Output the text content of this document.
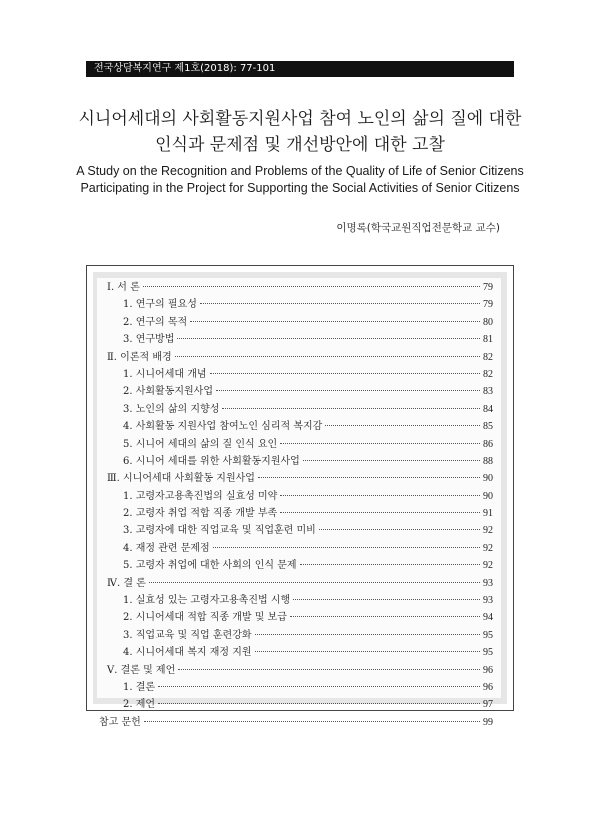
전국상담복지연구 제1호(2018): 77-101
시니어세대의 사회활동지원사업 참여 노인의 삶의 질에 대한
인식과 문제점 및 개선방안에 대한 고찰
A Study on the Recognition and Problems of the Quality of Life of Senior Citizens
Participating in the Project for Supporting the Social Activities of Senior Citizens
이명록(학국교원직업전문학교 교수)
Ⅰ. 서 론	79
1. 연구의 필요성	79
2. 연구의 목적	80
3. 연구방법	81
Ⅱ. 이론적 배경	82
1. 시니어세대 개념	82
2. 사회활동지원사업	83
3. 노인의 삶의 지향성	84
4. 사회활동 지원사업 참여노인 심리적 복지감	85
5. 시니어 세대의 삶의 질 인식 요인	86
6. 시니어 세대를 위한 사회활동지원사업	88
Ⅲ. 시니어세대 사회활동 지원사업	90
1. 고령자고용촉진법의 실효성 미약	90
2. 고령자 취업 적합 직종 개발 부족	91
3. 고령자에 대한 직업교육 및 직업훈련 미비	92
4. 재정 관련 문제점	92
5. 고령자 취업에 대한 사회의 인식 문제	92
Ⅳ. 결 론	93
1. 실효성 있는 고령자고용촉진법 시행	93
2. 시니어세대 적합 직종 개발 및 보급	94
3. 직업교육 및 직업 훈련강화	95
4. 시니어세대 복지 재정 지원	95
Ⅴ. 결론 및 제언	96
1. 결론	96
2. 제언	97
참고 문헌	99
